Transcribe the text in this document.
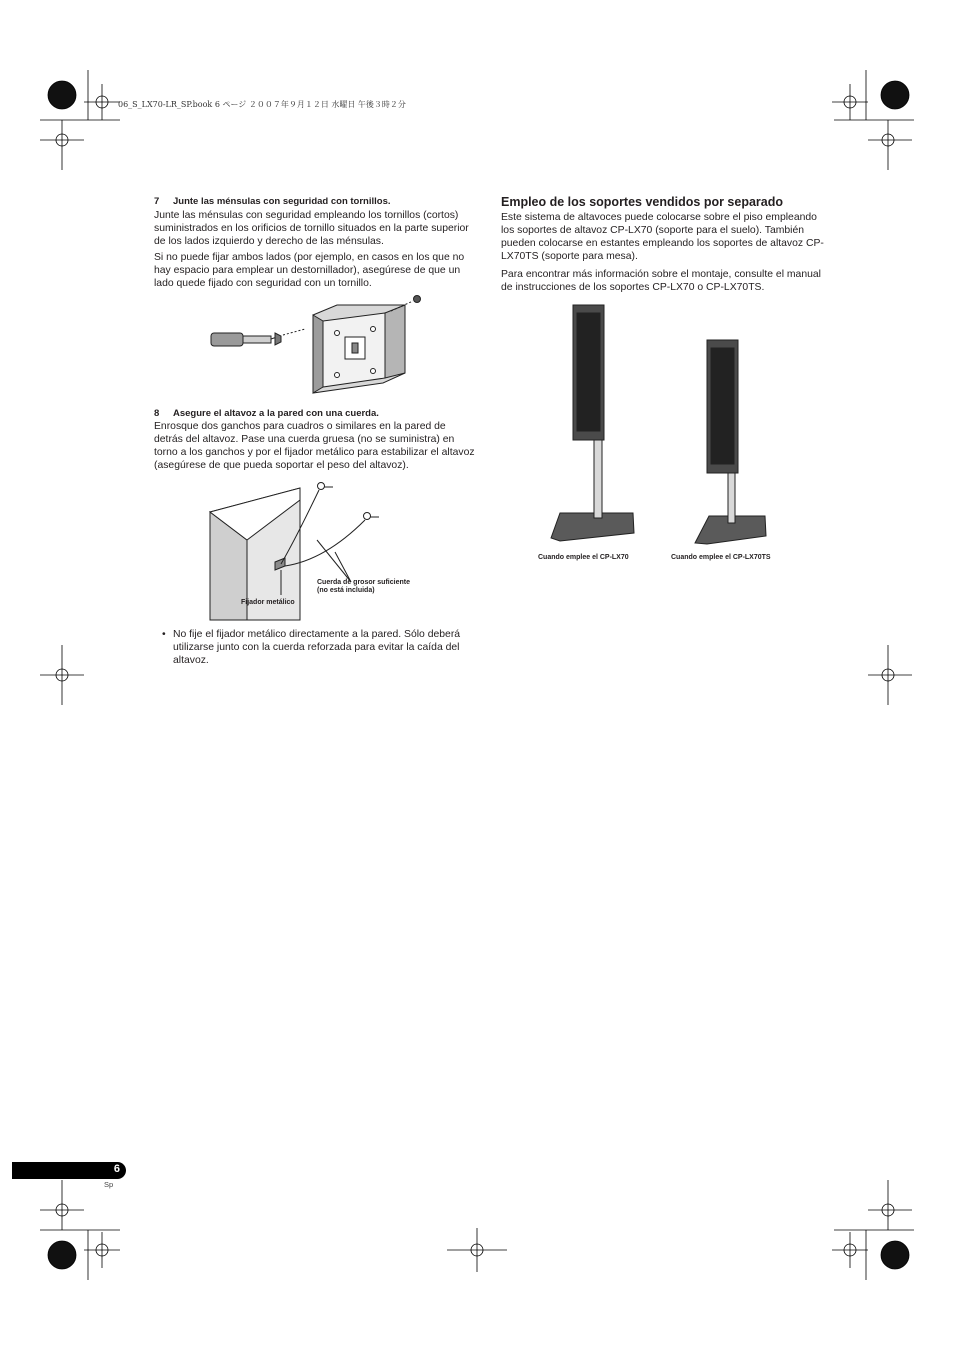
06_S_LX70-LR_SP.book 6 ページ ２００７年９月１２日 水曜日 午後３時２分
7 Junte las ménsulas con seguridad con tornillos.

Junte las ménsulas con seguridad empleando los tornillos (cortos) suministrados en los orificios de tornillo situados en la parte superior de los lados izquierdo y derecho de las ménsulas.

Si no puede fijar ambos lados (por ejemplo, en casos en los que no hay espacio para emplear un destornillador), asegúrese de que un lado quede fijado con seguridad con un tornillo.

8 Asegure el altavoz a la pared con una cuerda.

Enrosque dos ganchos para cuadros o similares en la pared de detrás del altavoz. Pase una cuerda gruesa (no se suministra) en torno a los ganchos y por el fijador metálico para estabilizar el altavoz (asegúrese de que pueda soportar el peso del altavoz).

Cuerda de grosor suficiente
(no está incluida)
Fijador metálico
• No fije el fijador metálico directamente a la pared. Sólo deberá utilizarse junto con la cuerda reforzada para evitar la caída del altavoz.
Empleo de los soportes vendidos por separado

Este sistema de altavoces puede colocarse sobre el piso empleando los soportes de altavoz CP-LX70 (soporte para el suelo). También pueden colocarse en estantes empleando los soportes de altavoz CP-LX70TS (soporte para mesa).

Para encontrar más información sobre el montaje, consulte el manual de instrucciones de los soportes CP-LX70 o CP-LX70TS.

Cuando emplee el CP-LX70	Cuando emplee el CP-LX70TS
6
Sp
